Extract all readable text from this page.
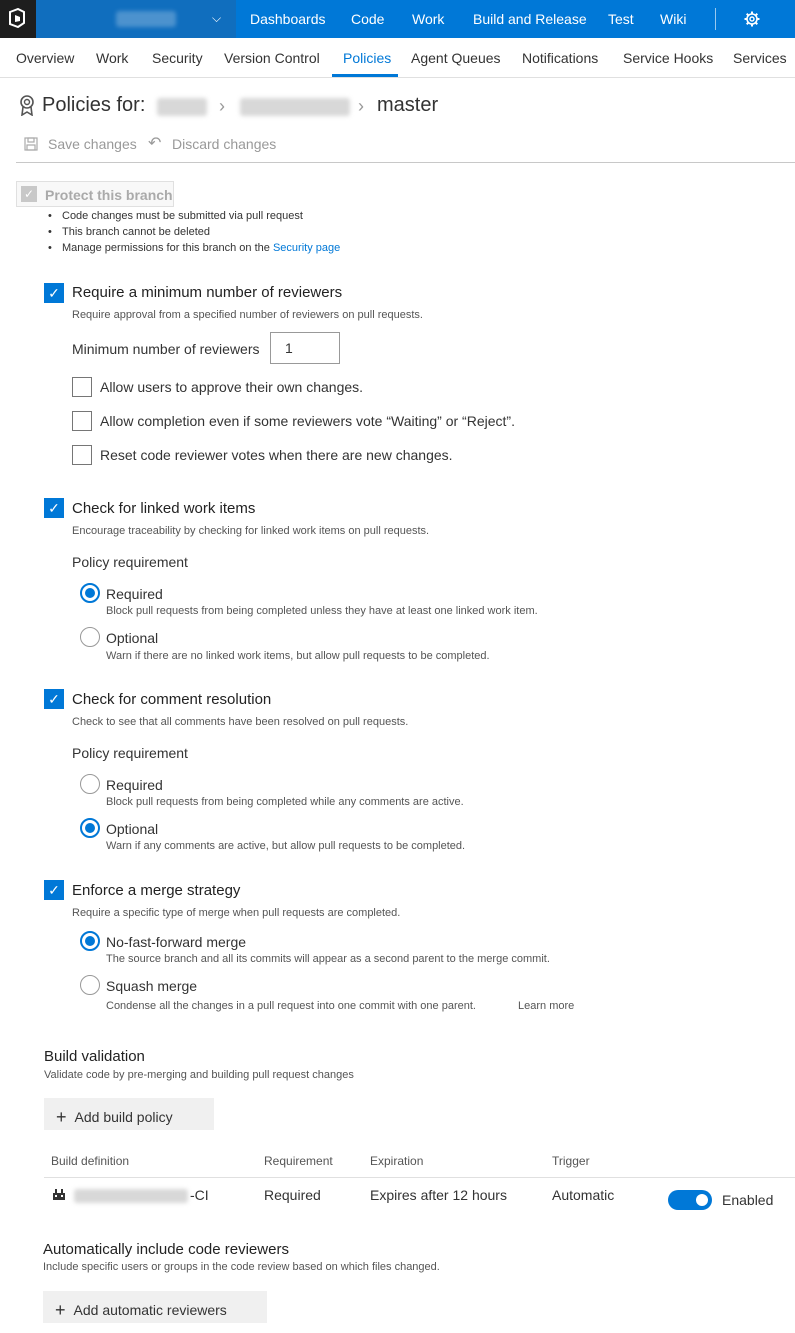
⌵ Dashboards Code Work Build and Release Test Wiki
Overview Work Security Version Control Policies Agent Queues Notifications Service Hooks Services
Policies for:	›	› master
Save changes ↶ Discard changes
✓ Protect this branch
• Code changes must be submitted via pull request
• This branch cannot be deleted
• Manage permissions for this branch on the Security page
✓ Require a minimum number of reviewers
Require approval from a specified number of reviewers on pull requests.
Minimum number of reviewers	1
Allow users to approve their own changes.
Allow completion even if some reviewers vote “Waiting” or “Reject”.
Reset code reviewer votes when there are new changes.
✓ Check for linked work items
Encourage traceability by checking for linked work items on pull requests.
Policy requirement
Required
Block pull requests from being completed unless they have at least one linked work item.
Optional
Warn if there are no linked work items, but allow pull requests to be completed.
✓ Check for comment resolution
Check to see that all comments have been resolved on pull requests.
Policy requirement
Required
Block pull requests from being completed while any comments are active.
Optional
Warn if any comments are active, but allow pull requests to be completed.
✓ Enforce a merge strategy
Require a specific type of merge when pull requests are completed.
No-fast-forward merge
The source branch and all its commits will appear as a second parent to the merge commit.
Squash merge
Condense all the changes in a pull request into one commit with one parent.	Learn more
Build validation
Validate code by pre-merging and building pull request changes
+ Add build policy
Build definition	Requirement	Expiration	Trigger
-CI	Required	Expires after 12 hours	Automatic	Enabled
Automatically include code reviewers
Include specific users or groups in the code review based on which files changed.
+ Add automatic reviewers
